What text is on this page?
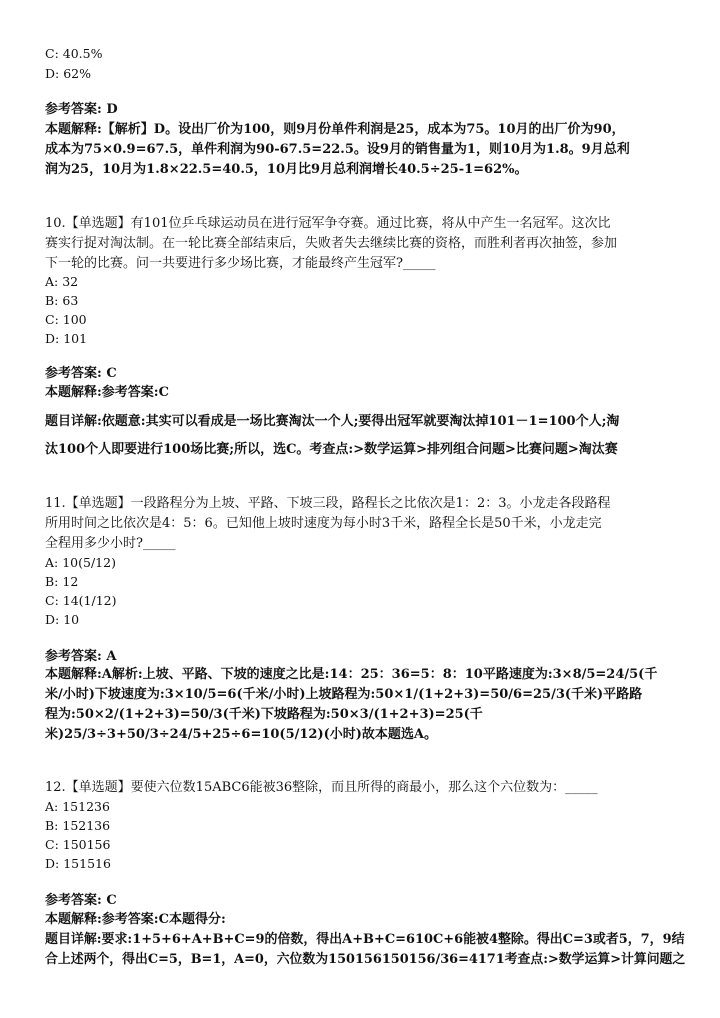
C: 40.5%
D: 62%
参考答案: D
本题解释:【解析】D。设出厂价为100，则9月份单件利润是25，成本为75。10月的出厂价为90，
成本为75×0.9=67.5，单件利润为90-67.5=22.5。设9月的销售量为1，则10月为1.8。9月总利
润为25，10月为1.8×22.5=40.5，10月比9月总利润增长40.5÷25-1=62%。
10.【单选题】有101位乒乓球运动员在进行冠军争夺赛。通过比赛，将从中产生一名冠军。这次比
赛实行捉对淘汰制。在一轮比赛全部结束后，失败者失去继续比赛的资格，而胜利者再次抽签，参加
下一轮的比赛。问一共要进行多少场比赛，才能最终产生冠军?_____
A: 32
B: 63
C: 100
D: 101
参考答案: C
本题解释:参考答案:C
题目详解:依题意:其实可以看成是一场比赛淘汰一个人;要得出冠军就要淘汰掉101－1=100个人;淘
汰100个人即要进行100场比赛;所以，选C。考查点:>数学运算>排列组合问题>比赛问题>淘汰赛
11.【单选题】一段路程分为上坡、平路、下坡三段，路程长之比依次是1：2：3。小龙走各段路程
所用时间之比依次是4：5：6。已知他上坡时速度为每小时3千米，路程全长是50千米，小龙走完
全程用多少小时?_____
A: 10(5/12)
B: 12
C: 14(1/12)
D: 10
参考答案: A
本题解释:A解析:上坡、平路、下坡的速度之比是:14：25：36=5：8：10平路速度为:3×8/5=24/5(千
米/小时)下坡速度为:3×10/5=6(千米/小时)上坡路程为:50×1/(1+2+3)=50/6=25/3(千米)平路路
程为:50×2/(1+2+3)=50/3(千米)下坡路程为:50×3/(1+2+3)=25(千
米)25/3÷3+50/3÷24/5+25÷6=10(5/12)(小时)故本题选A。
12.【单选题】要使六位数15ABC6能被36整除，而且所得的商最小，那么这个六位数为：_____
A: 151236
B: 152136
C: 150156
D: 151516
参考答案: C
本题解释:参考答案:C本题得分:
题目详解:要求:1+5+6+A+B+C=9的倍数，得出A+B+C=610C+6能被4整除。得出C=3或者5，7，9结
合上述两个，得出C=5，B=1，A=0，六位数为150156150156/36=4171考查点:>数学运算>计算问题之
